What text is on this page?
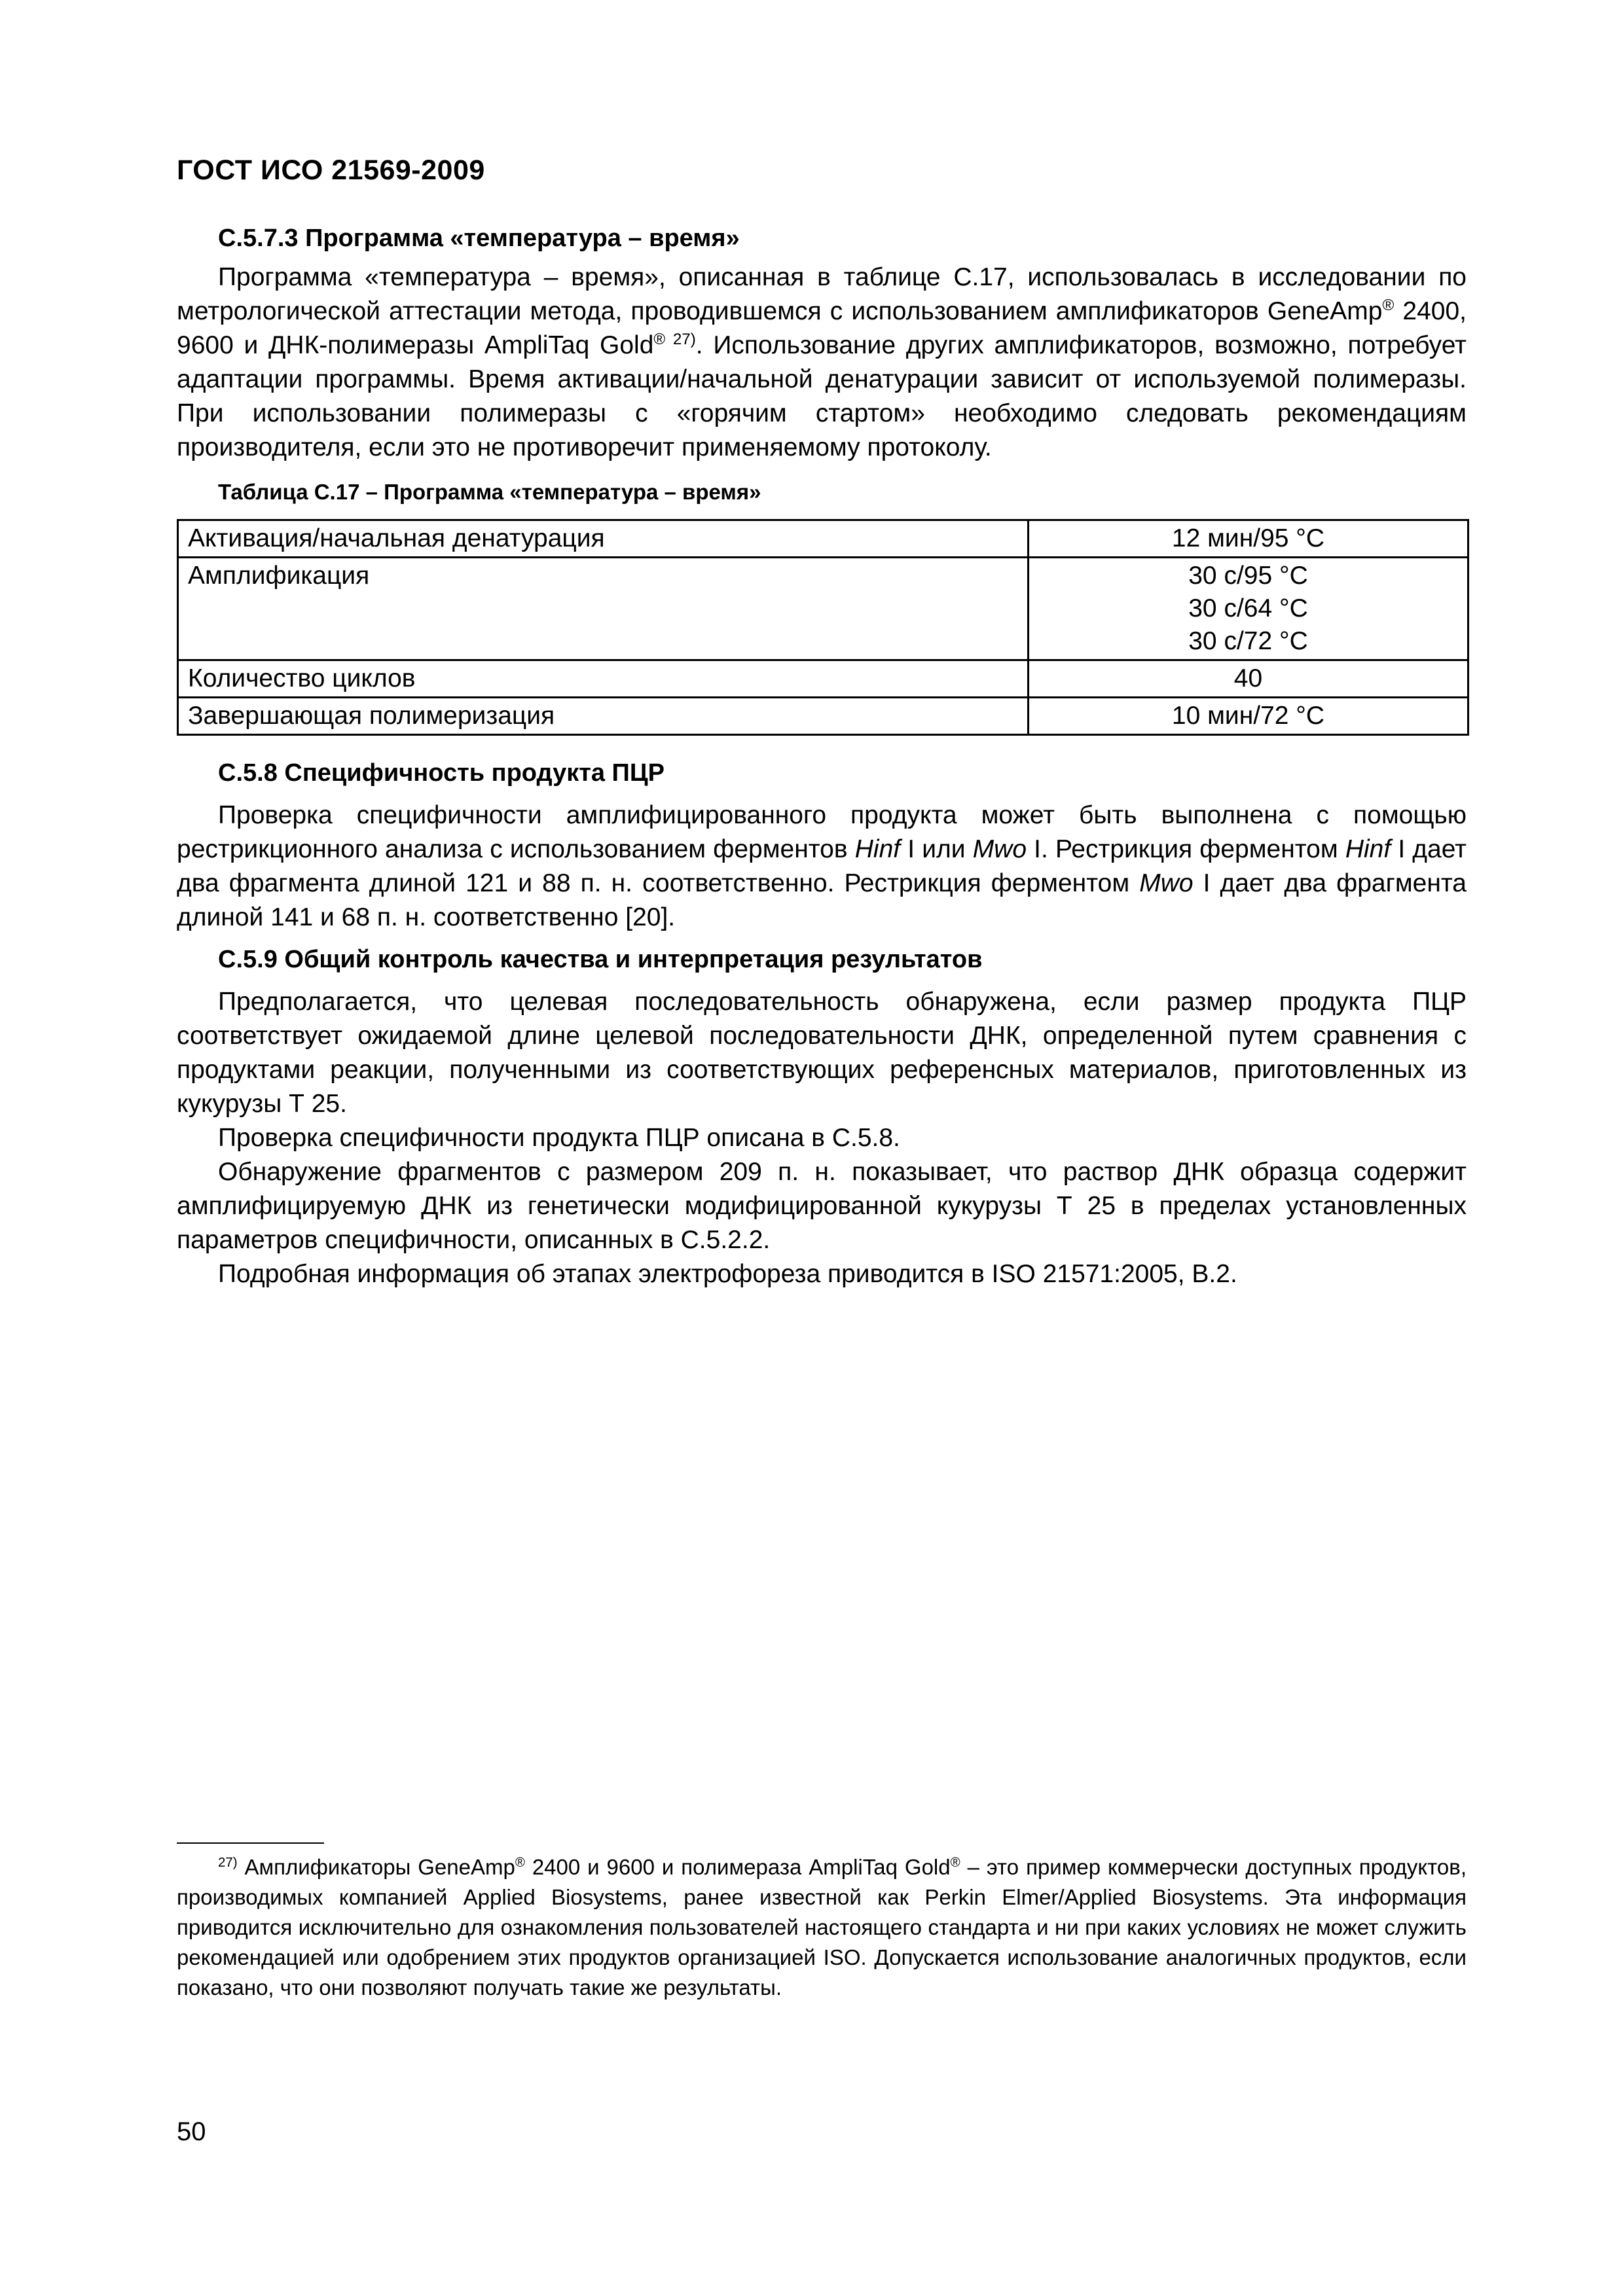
ГОСТ ИСО 21569-2009
С.5.7.3 Программа «температура – время»

Программа «температура – время», описанная в таблице С.17, использовалась в исследовании по метрологической аттестации метода, проводившемся с использованием амплификаторов GeneAmp® 2400, 9600 и ДНК-полимеразы AmpliTaq Gold® $^{27)}$. Использование других амплификаторов, возможно, потребует адаптации программы. Время активации/начальной денатурации зависит от используемой полимеразы. При использовании полимеразы с «горячим стартом» необходимо следовать рекомендациям производителя, если это не противоречит применяемому протоколу.

Таблица С.17 – Программа «температура – время»
Активация/начальная денатурация	12 мин/95 °С
Амплификация	30 с/95 °С
30 с/64 °С
30 с/72 °С

Количество циклов	40
Завершающая полимеризация	10 мин/72 °С
С.5.8 Специфичность продукта ПЦР

Проверка специфичности амплифицированного продукта может быть выполнена с помощью рестрикционного анализа с использованием ферментов Hinf I или Mwo I. Рестрикция ферментом Hinf I дает два фрагмента длиной 121 и 88 п. н. соответственно. Рестрикция ферментом Mwo I дает два фрагмента длиной 141 и 68 п. н. соответственно [20].

С.5.9 Общий контроль качества и интерпретация результатов

Предполагается, что целевая последовательность обнаружена, если размер продукта ПЦР соответствует ожидаемой длине целевой последовательности ДНК, определенной путем сравнения с продуктами реакции, полученными из соответствующих референсных материалов, приготовленных из кукурузы Т 25.

Проверка специфичности продукта ПЦР описана в С.5.8.

Обнаружение фрагментов с размером 209 п. н. показывает, что раствор ДНК образца содержит амплифицируемую ДНК из генетически модифицированной кукурузы Т 25 в пределах установленных параметров специфичности, описанных в С.5.2.2.

Подробная информация об этапах электрофореза приводится в ISO 21571:2005, В.2.

$^{27)}$ Амплификаторы GeneAmp® 2400 и 9600 и полимераза AmpliTaq Gold® – это пример коммерчески доступных продуктов, производимых компанией Applied Biosystems, ранее известной как Perkin Elmer/Applied Biosystems. Эта информация приводится исключительно для ознакомления пользователей настоящего стандарта и ни при каких условиях не может служить рекомендацией или одобрением этих продуктов организацией ISO. Допускается использование аналогичных продуктов, если показано, что они позволяют получать такие же результаты.

50
